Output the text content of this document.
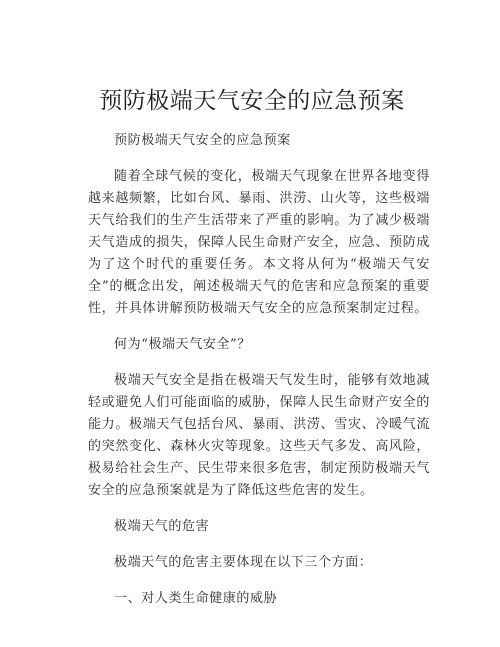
预防极端天气安全的应急预案

预防极端天气安全的应急预案

随着全球气候的变化，极端天气现象在世界各地变得越来越频繁，比如台风、暴雨、洪涝、山火等，这些极端天气给我们的生产生活带来了严重的影响。为了减少极端天气造成的损失，保障人民生命财产安全，应急、预防成为了这个时代的重要任务。本文将从何为“极端天气安全”的概念出发，阐述极端天气的危害和应急预案的重要性，并具体讲解预防极端天气安全的应急预案制定过程。

何为“极端天气安全”？

极端天气安全是指在极端天气发生时，能够有效地减轻或避免人们可能面临的威胁，保障人民生命财产安全的能力。极端天气包括台风、暴雨、洪涝、雪灾、冷暖气流的突然变化、森林火灾等现象。这些天气多发、高风险，极易给社会生产、民生带来很多危害，制定预防极端天气安全的应急预案就是为了降低这些危害的发生。

极端天气的危害

极端天气的危害主要体现在以下三个方面：

一、对人类生命健康的威胁
